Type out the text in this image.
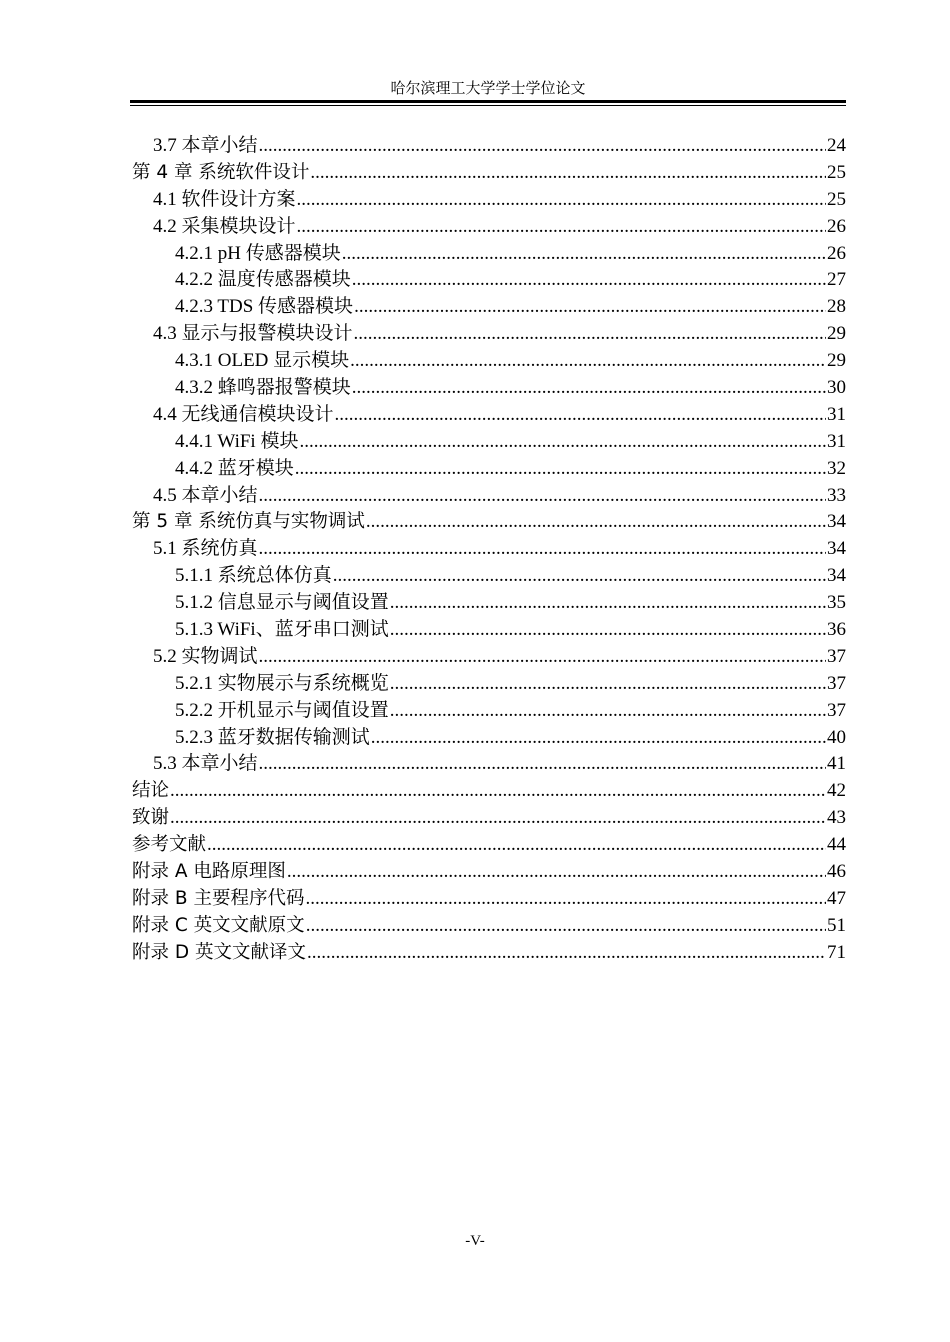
哈尔滨理工大学学士学位论文
3.7 本章小结 .....	24
第 4 章 系统软件设计 .....	25
4.1 软件设计方案 .....	25
4.2 采集模块设计 .....	26
4.2.1 pH 传感器模块 .....	26
4.2.2 温度传感器模块 .....	27
4.2.3 TDS 传感器模块 .....	28
4.3 显示与报警模块设计 .....	29
4.3.1 OLED 显示模块 .....	29
4.3.2 蜂鸣器报警模块 .....	30
4.4 无线通信模块设计 .....	31
4.4.1 WiFi 模块 .....	31
4.4.2 蓝牙模块 .....	32
4.5 本章小结 .....	33
第 5 章 系统仿真与实物调试 .....	34
5.1 系统仿真 .....	34
5.1.1 系统总体仿真 .....	34
5.1.2 信息显示与阈值设置 .....	35
5.1.3 WiFi、蓝牙串口测试 .....	36
5.2 实物调试 .....	37
5.2.1 实物展示与系统概览 .....	37
5.2.2 开机显示与阈值设置 .....	37
5.2.3 蓝牙数据传输测试 .....	40
5.3 本章小结 .....	41
结论 .....	42
致谢 .....	43
参考文献 .....	44
附录 A 电路原理图 .....	46
附录 B 主要程序代码 .....	47
附录 C 英文文献原文 .....	51
附录 D 英文文献译文 .....	71
-V-
